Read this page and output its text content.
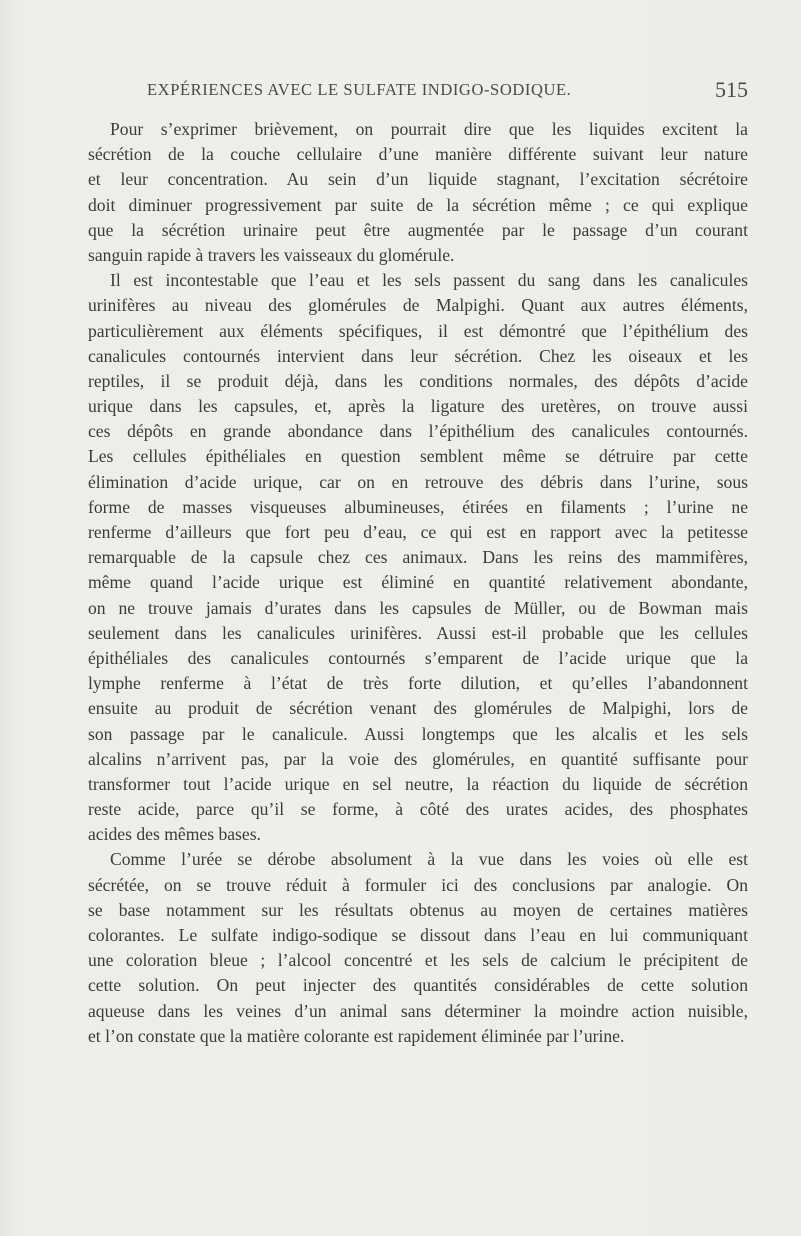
EXPÉRIENCES AVEC LE SULFATE INDIGO-SODIQUE.	515
Pour s’exprimer brièvement, on pourrait dire que les liquides excitent la
sécrétion de la couche cellulaire d’une manière différente suivant leur nature
et leur concentration. Au sein d’un liquide stagnant, l’excitation sécrétoire
doit diminuer progressivement par suite de la sécrétion même ; ce qui explique
que la sécrétion urinaire peut être augmentée par le passage d’un courant
sanguin rapide à travers les vaisseaux du glomérule.
Il est incontestable que l’eau et les sels passent du sang dans les canalicules
urinifères au niveau des glomérules de Malpighi. Quant aux autres éléments,
particulièrement aux éléments spécifiques, il est démontré que l’épithélium des
canalicules contournés intervient dans leur sécrétion. Chez les oiseaux et les
reptiles, il se produit déjà, dans les conditions normales, des dépôts d’acide
urique dans les capsules, et, après la ligature des uretères, on trouve aussi
ces dépôts en grande abondance dans l’épithélium des canalicules contournés.
Les cellules épithéliales en question semblent même se détruire par cette
élimination d’acide urique, car on en retrouve des débris dans l’urine, sous
forme de masses visqueuses albumineuses, étirées en filaments ; l’urine ne
renferme d’ailleurs que fort peu d’eau, ce qui est en rapport avec la petitesse
remarquable de la capsule chez ces animaux. Dans les reins des mammifères,
même quand l’acide urique est éliminé en quantité relativement abondante,
on ne trouve jamais d’urates dans les capsules de Müller, ou de Bowman mais
seulement dans les canalicules urinifères. Aussi est-il probable que les cellules
épithéliales des canalicules contournés s’emparent de l’acide urique que la
lymphe renferme à l’état de très forte dilution, et qu’elles l’abandonnent
ensuite au produit de sécrétion venant des glomérules de Malpighi, lors de
son passage par le canalicule. Aussi longtemps que les alcalis et les sels
alcalins n’arrivent pas, par la voie des glomérules, en quantité suffisante pour
transformer tout l’acide urique en sel neutre, la réaction du liquide de sécrétion
reste acide, parce qu’il se forme, à côté des urates acides, des phosphates
acides des mêmes bases.
Comme l’urée se dérobe absolument à la vue dans les voies où elle est
sécrétée, on se trouve réduit à formuler ici des conclusions par analogie. On
se base notamment sur les résultats obtenus au moyen de certaines matières
colorantes. Le sulfate indigo-sodique se dissout dans l’eau en lui communiquant
une coloration bleue ; l’alcool concentré et les sels de calcium le précipitent de
cette solution. On peut injecter des quantités considérables de cette solution
aqueuse dans les veines d’un animal sans déterminer la moindre action nuisible,
et l’on constate que la matière colorante est rapidement éliminée par l’urine.
